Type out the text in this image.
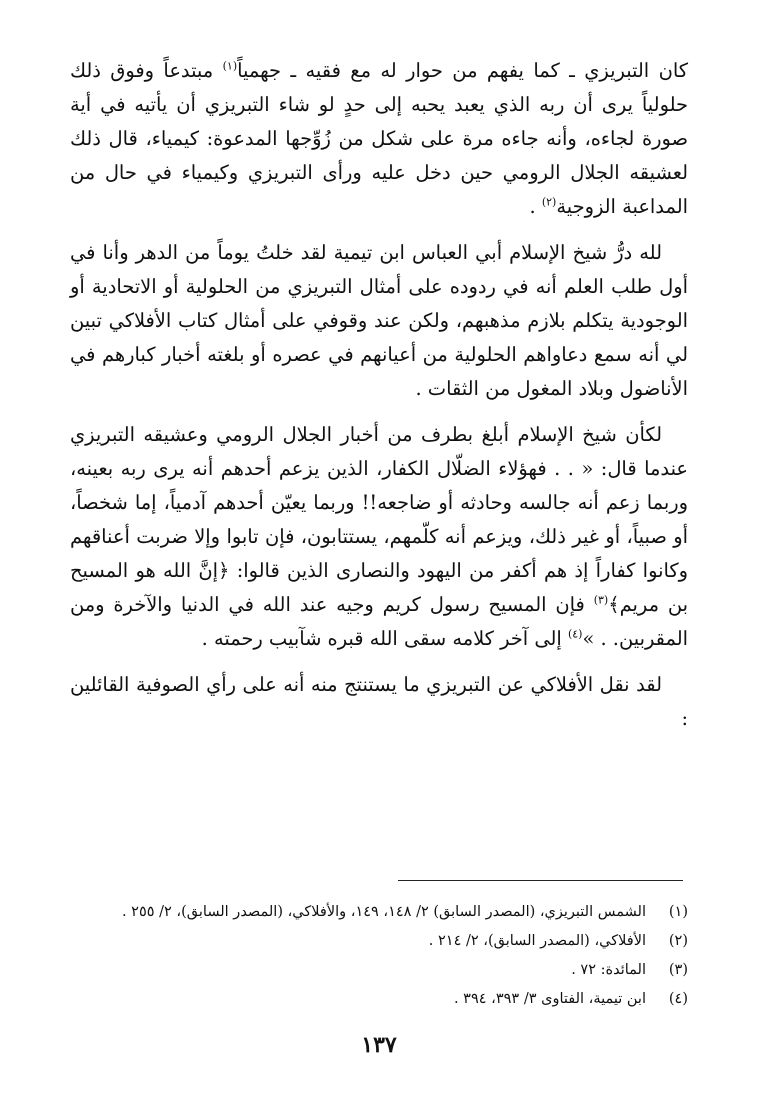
كان التبريزي ـ كما يفهم من حوار له مع فقيه ـ جهمياً$^{(١)}$ مبتدعاً وفوق ذلك حلولياً يرى أن ربه الذي يعبد يحبه إلى حدٍ لو شاء التبريزي أن يأتيه في أية صورة لجاءه، وأنه جاءه مرة على شكل من زُوِّجها المدعوة: كيمياء، قال ذلك لعشيقه الجلال الرومي حين دخل عليه ورأى التبريزي وكيمياء في حال من المداعبة الزوجية$^{(٢)}$ .

لله درُّ شيخ الإسلام أبي العباس ابن تيمية لقد خلتُ يوماً من الدهر وأنا في أول طلب العلم أنه في ردوده على أمثال التبريزي من الحلولية أو الاتحادية أو الوجودية يتكلم بلازم مذهبهم، ولكن عند وقوفي على أمثال كتاب الأفلاكي تبين لي أنه سمع دعاواهم الحلولية من أعيانهم في عصره أو بلغته أخبار كبارهم في الأناضول وبلاد المغول من الثقات .

لكأن شيخ الإسلام أبلغ بطرف من أخبار الجلال الرومي وعشيقه التبريزي عندما قال: « . . فهؤلاء الضلّال الكفار، الذين يزعم أحدهم أنه يرى ربه بعينه، وربما زعم أنه جالسه وحادثه أو ضاجعه!! وربما يعيّن أحدهم آدمياً، إما شخصاً، أو صبياً، أو غير ذلك، ويزعم أنه كلّمهم، يستتابون، فإن تابوا وإلا ضربت أعناقهم وكانوا كفاراً إذ هم أكفر من اليهود والنصارى الذين قالوا: ﴿إنَّ الله هو المسيح بن مريم﴾$^{(٣)}$ فإن المسيح رسول كريم وجيه عند الله في الدنيا والآخرة ومن المقربين. . »$^{(٤)}$ إلى آخر كلامه سقى الله قبره شآبيب رحمته .

لقد نقل الأفلاكي عن التبريزي ما يستنتج منه أنه على رأي الصوفية القائلين :

(١)
الشمس التبريزي، (المصدر السابق) ٢/ ١٤٨، ١٤٩، والأفلاكي، (المصدر السابق)، ٢/ ٢٥٥ .
(٢)
الأفلاكي، (المصدر السابق)، ٢/ ٢١٤ .
(٣)
المائدة: ٧٢ .
(٤)
ابن تيمية، الفتاوى ٣/ ٣٩٣، ٣٩٤ .
١٣٧
